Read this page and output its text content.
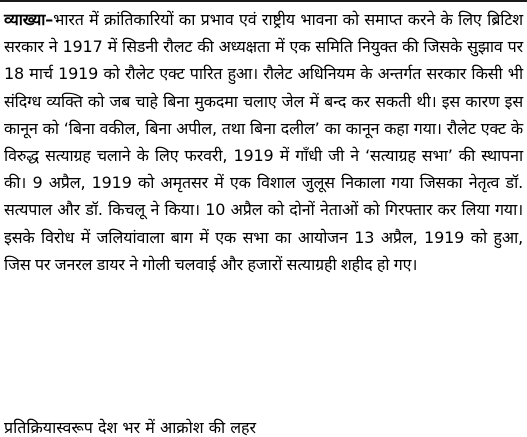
व्याख्या–भारत में क्रांतिकारियों का प्रभाव एवं राष्ट्रीय भावना को समाप्त करने के लिए ब्रिटिश सरकार ने 1917 में सिडनी रौलट की अध्यक्षता में एक समिति नियुक्त की जिसके सुझाव पर 18 मार्च 1919 को रौलेट एक्ट पारित हुआ। रौलेट अधिनियम के अन्तर्गत सरकार किसी भी संदिग्ध व्यक्ति को जब चाहे बिना मुकदमा चलाए जेल में बन्द कर सकती थी। इस कारण इस कानून को ‘बिना वकील, बिना अपील, तथा बिना दलील’ का कानून कहा गया। रौलेट एक्ट के विरुद्ध सत्याग्रह चलाने के लिए फरवरी, 1919 में गाँधी जी ने ‘सत्याग्रह सभा’ की स्थापना की। 9 अप्रैल, 1919 को अमृतसर में एक विशाल जुलूस निकाला गया जिसका नेतृत्व डॉ. सत्यपाल और डॉ. किचलू ने किया। 10 अप्रैल को दोनों नेताओं को गिरफ्तार कर लिया गया। इसके विरोध में जलियांवाला बाग में एक सभा का आयोजन 13 अप्रैल, 1919 को हुआ, जिस पर जनरल डायर ने गोली चलवाई और हजारों सत्याग्रही शहीद हो गए।

प्रतिक्रियास्वरूप देश भर में आक्रोश की लहर
